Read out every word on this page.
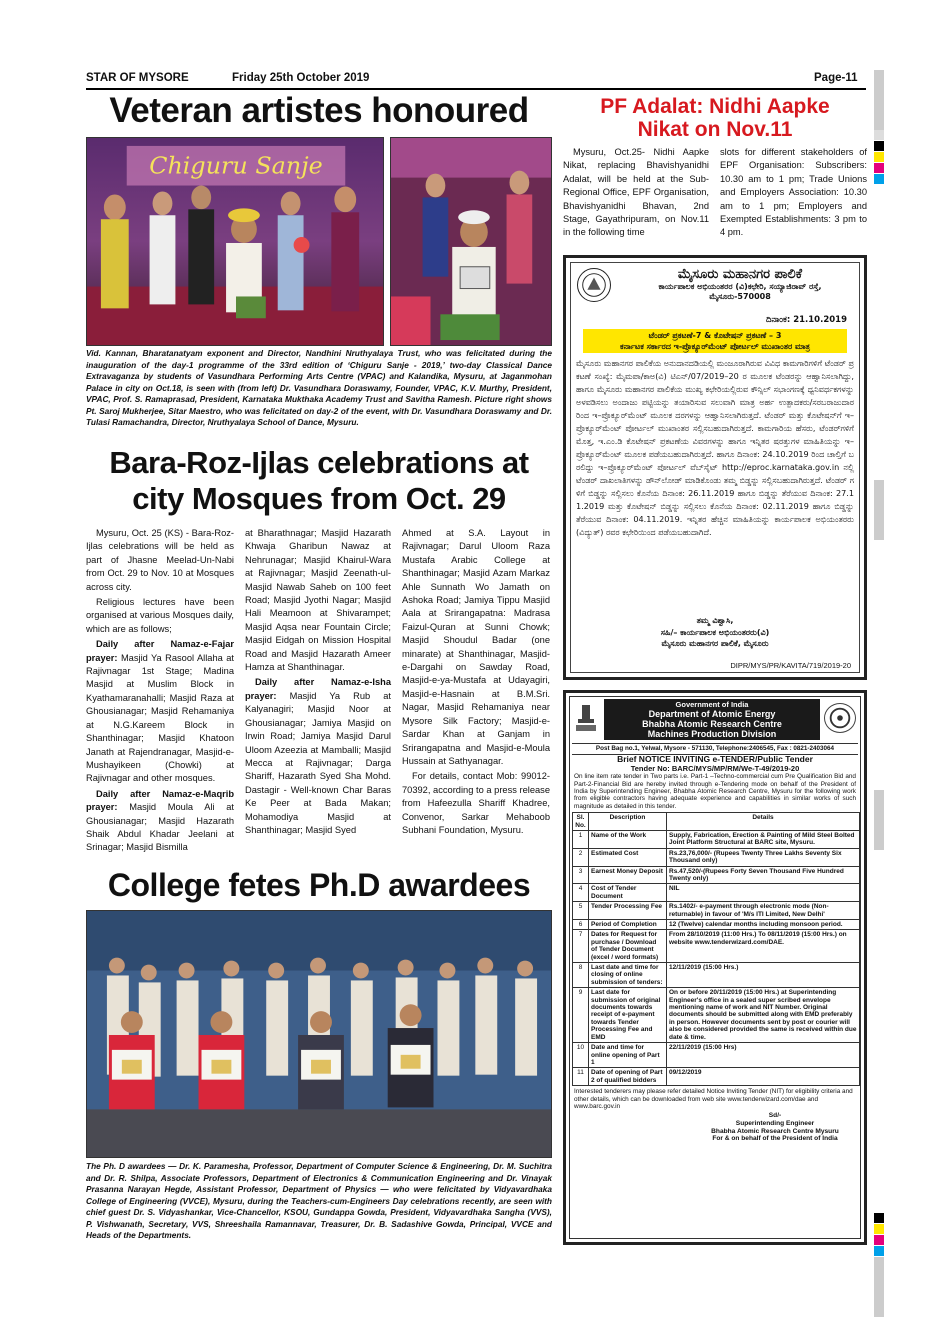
STAR OF MYSORE	Friday 25th October 2019	Page-11
Veteran artistes honoured
Chiguru Sanje
Vid. Kannan, Bharatanatyam exponent and Director, Nandhini Nruthyalaya Trust, who was felicitated during the inauguration of the day-1 programme of the 33rd edition of ‘Chiguru Sanje - 2019,’ two-day Classical Dance Extravaganza by students of Vasundhara Performing Arts Centre (VPAC) and Kalandika, Mysuru, at Jaganmohan Palace in city on Oct.18, is seen with (from left) Dr. Vasundhara Doraswamy, Founder, VPAC, K.V. Murthy, President, VPAC, Prof. S. Ramaprasad, President, Karnataka Mukthaka Academy Trust and Savitha Ramesh. Picture right shows Pt. Saroj Mukherjee, Sitar Maestro, who was felicitated on day-2 of the event, with Dr. Vasundhara Doraswamy and Dr. Tulasi Ramachandra, Director, Nruthyalaya School of Dance, Mysuru.
Bara-Roz-Ijlas celebrations at
city Mosques from Oct. 29

Mysuru, Oct. 25 (KS) - Bara-Roz-Ijlas celebrations will be held as part of Jhasne Meelad-Un-Nabi from Oct. 29 to Nov. 10 at Mosques across city.

Religious lectures have been organised at various Mosques daily, which are as follows;

Daily after Namaz-e-Fajar prayer: Masjid Ya Rasool Allaha at Rajivnagar 1st Stage; Madina Masjid at Muslim Block in Kyathamaranahalli; Masjid Raza at Ghousianagar; Masjid Rehamaniya at N.G.Kareem Block in Shanthinagar; Masjid Khatoon Janath at Rajendranagar, Masjid-e-Mushayikeen (Chowki) at Rajivnagar and other mosques.

Daily after Namaz-e-Maqrib prayer: Masjid Moula Ali at Ghousianagar; Masjid Hazarath Shaik Abdul Khadar Jeelani at Srinagar; Masjid Bismilla

at Bharathnagar; Masjid Hazarath Khwaja Gharibun Nawaz at Nehrunagar; Masjid Khairul-Wara at Rajivnagar; Masjid Zeenath-ul-Masjid Nawab Saheb on 100 feet Road; Masjid Jyothi Nagar; Masjid Hali Meamoon at Shivarampet; Masjid Aqsa near Fountain Circle; Masjid Eidgah on Mission Hospital Road and Masjid Hazarath Ameer Hamza at Shanthinagar.

Daily after Namaz-e-Isha prayer: Masjid Ya Rub at Kalyanagiri; Masjid Noor at Ghousianagar; Jamiya Masjid on Irwin Road; Jamiya Masjid Darul Uloom Azeezia at Mamballi; Masjid Mecca at Rajivnagar; Darga Shariff, Hazarath Syed Sha Mohd. Dastagir - Well-known Char Baras Ke Peer at Bada Makan; Mohamodiya Masjid at Shanthinagar; Masjid Syed

Ahmed at S.A. Layout in Rajivnagar; Darul Uloom Raza Mustafa Arabic College at Shanthinagar; Masjid Azam Markaz Ahle Sunnath Wo Jamath on Ashoka Road; Jamiya Tippu Masjid Aala at Srirangapatna: Madrasa Faizul-Quran at Sunni Chowk; Masjid Shoudul Badar (one minarate) at Shanthinagar, Masjid-e-Dargahi on Sawday Road, Masjid-e-ya-Mustafa at Udayagiri, Masjid-e-Hasnain at B.M.Sri. Nagar, Masjid Rehamaniya near Mysore Silk Factory; Masjid-e-Sardar Khan at Ganjam in Srirangapatna and Masjid-e-Moula Hussain at Sathyanagar.

For details, contact Mob: 99012-70392, according to a press release from Hafeezulla Shariff Khadree, Convenor, Sarkar Mehaboob Subhani Foundation, Mysuru.

College fetes Ph.D awardees
The Ph. D awardees — Dr. K. Paramesha, Professor, Department of Computer Science & Engineering, Dr. M. Suchitra and Dr. R. Shilpa, Associate Professors, Department of Electronics & Communication Engineering and Dr. Vinayak Prasanna Narayan Hegde, Assistant Professor, Department of Physics — who were felicitated by Vidyavardhaka College of Engineering (VVCE), Mysuru, during the Teachers-cum-Engineers Day celebrations recently, are seen with chief guest Dr. S. Vidyashankar, Vice-Chancellor, KSOU, Gundappa Gowda, President, Vidyavardhaka Sangha (VVS), P. Vishwanath, Secretary, VVS, Shreeshaila Ramannavar, Treasurer, Dr. B. Sadashive Gowda, Principal, VVCE and Heads of the Departments.
PF Adalat: Nidhi Aapke
Nikat on Nov.11

Mysuru, Oct.25- Nidhi Aapke Nikat, replacing Bhavishyanidhi Adalat, will be held at the Sub-Regional Office, EPF Organisation, Bhavishyanidhi Bhavan, 2nd Stage, Gayathripuram, on Nov.11 in the following time

slots for different stakeholders of EPF Organisation: Subscribers: 10.30 am to 1 pm; Trade Unions and Employers Association: 10.30 am to 1 pm; Employers and Exempted Establishments: 3 pm to 4 pm.

ಮೈಸೂರು ಮಹಾನಗರ ಪಾಲಿಕೆ
ಕಾರ್ಯಪಾಲಕ ಅಭಿಯಂತರರ (ವಿ)ಕಛೇರಿ, ಸಯ್ಯಾಜಿರಾವ್ ರಸ್ತೆ,
ಮೈಸೂರು-570008
ದಿನಾಂಕ: 21.10.2019
ಟೆಂಡರ್ ಪ್ರಕಟಣೆ-7 & ಕೊಟೇಷನ್ ಪ್ರಕಟಣೆ – 3
ಕರ್ನಾಟಕ ಸರ್ಕಾರದ ಇ-ಪ್ರೊಕ್ಯೂರ್‌ಮೆಂಟ್ ಪೋರ್ಟಲ್ ಮುಖಾಂತರ ಮಾತ್ರ
ಮೈಸೂರು ಮಹಾನಗರ ಪಾಲಿಕೆಯ ಅನುದಾನದಡಿಯಲ್ಲಿ ಮಂಜೂರಾಗಿರುವ ವಿವಿಧ ಕಾಮಗಾರಿಗಳಿಗೆ ಟೆಂಡರ್ ಪ್ರಕಟಣೆ ಸಂಖ್ಯೆ: ಮೈಮಪಾ/ಕಾಅ(ವಿ) ಟಿಎನ್/07/2019–20 ರ ಮೂಲಕ ಟೆಂಡರನ್ನು ಆಹ್ವಾನಿಸಲಾಗಿದ್ದು, ಹಾಗೂ ಮೈಸೂರು ಮಹಾನಗರ ಪಾಲಿಕೆಯ ಮುಖ್ಯ ಕಛೇರಿಯಲ್ಲಿರುವ ಕೌನ್ಸಿಲ್ ಸಭಾಂಗಣಕ್ಕೆ ಧ್ವನಿವರ್ಧಕಗಳನ್ನು ಅಳವಡಿಸಲು ಅಂದಾಜು ಪಟ್ಟಿಯನ್ನು ತಯಾರಿಸುವ ಸಲುವಾಗಿ ಮಾತ್ರ ಅರ್ಹ ಉತ್ಪಾದಕರು/ಸರಬರಾಜುದಾರರಿಂದ ಇ–ಪ್ರೊಕ್ಯೂರ್‌ಮೆಂಟ್ ಮೂಲಕ ದರಗಳನ್ನು ಆಹ್ವಾನಿಸಲಾಗಿರುತ್ತದೆ. ಟೆಂಡರ್ ಮತ್ತು ಕೊಟೇಷನ್‌ಗೆ ಇ–ಪ್ರೊಕ್ಯೂರ್‌ಮೆಂಟ್ ಪೋರ್ಟಲ್ ಮುಖಾಂತರ ಸಲ್ಲಿಸಬಹುದಾಗಿರುತ್ತದೆ. ಕಾಮಗಾರಿಯ ಹೆಸರು, ಟೆಂಡರ್‌ಗಳಿಗೆ ಮೊತ್ತ, ಇ.ಎಂ.ಡಿ ಕೊಟೇಷನ್ ಪ್ರಕಟಣೆಯ ವಿವರಗಳನ್ನು ಹಾಗೂ ಇನ್ನಿತರ ಷರತ್ತುಗಳ ಮಾಹಿತಿಯನ್ನು ಇ–ಪ್ರೊಕ್ಯೂರ್‌ಮೆಂಟ್ ಮೂಲಕ ಪಡೆಯಬಹುದಾಗಿರುತ್ತದೆ. ಹಾಗೂ ದಿನಾಂಕ: 24.10.2019 ರಿಂದ ಚಾಲ್ತಿಗೆ ಬರಲಿದ್ದು ಇ–ಪ್ರೊಕ್ಯೂರ್‌ಮೆಂಟ್ ಪೋರ್ಟಲ್ ವೆಬ್‌ಸೈಟ್ http://eproc.karnataka.gov.in ನಲ್ಲಿ ಟೆಂಡರ್ ದಾಖಲಾತಿಗಳನ್ನು ಡೌನ್‌ಲೋಡ್ ಮಾಡಿಕೊಂಡು ತಮ್ಮ ಬಿಡ್ಡನ್ನು ಸಲ್ಲಿಸಬಹುದಾಗಿರುತ್ತದೆ. ಟೆಂಡರ್ ಗಳಿಗೆ ಬಿಡ್ಡನ್ನು ಸಲ್ಲಿಸಲು ಕೊನೆಯ ದಿನಾಂಕ: 26.11.2019 ಹಾಗೂ ಬಿಡ್ಡನ್ನು ತೆರೆಯುವ ದಿನಾಂಕ: 27.11.2019 ಮತ್ತು ಕೊಟೇಷನ್ ಬಿಡ್ಡನ್ನು ಸಲ್ಲಿಸಲು ಕೊನೆಯ ದಿನಾಂಕ: 02.11.2019 ಹಾಗೂ ಬಿಡ್ಡನ್ನು ತೆರೆಯುವ ದಿನಾಂಕ: 04.11.2019. ಇನ್ನಿತರ ಹೆಚ್ಚಿನ ಮಾಹಿತಿಯನ್ನು ಕಾರ್ಯಪಾಲಕ ಅಭಿಯಂತರರು (ವಿದ್ಯುತ್) ರವರ ಕಛೇರಿಯಿಂದ ಪಡೆಯಬಹುದಾಗಿದೆ.
ತಮ್ಮ ವಿಶ್ವಾಸಿ,
ಸಹಿ/– ಕಾರ್ಯಪಾಲಕ ಅಭಿಯಂತರರು(ವಿ)
ಮೈಸೂರು ಮಹಾನಗರ ಪಾಲಿಕೆ, ಮೈಸೂರು
DIPR/MYS/PR/KAVITA/719/2019-20
Government of India
Department of Atomic Energy
Bhabha Atomic Research Centre
Machines Production Division
Post Bag no.1, Yelwal, Mysore - 571130, Telephone:2406545, Fax : 0821-2403064
Brief NOTICE INVITING e-TENDER/Public Tender
Tender No: BARC/MYS/MP/RM/We-T-49/2019-20
On line item rate tender in Two parts i.e. Part-1 –Techno-commercial cum Pre Qualification Bid and Part-2-Financial Bid are hereby invited through e-Tendering mode on behalf of the President of India by Superintending Engineer, Bhabha Atomic Research Centre, Mysuru for the following work from eligible contractors having adequate experience and capabilities in similar works of such magnitude as detailed in this tender.
Sl. No.	Description	Details
1	Name of the Work	Supply, Fabrication, Erection & Painting of Mild Steel Bolted Joint Platform Structural at BARC site, Mysuru.
2	Estimated Cost	Rs.23,76,000/- (Rupees Twenty Three Lakhs Seventy Six Thousand only)
3	Earnest Money Deposit	Rs.47,520/-(Rupees Forty Seven Thousand Five Hundred Twenty only)
4	Cost of Tender Document	NIL
5	Tender Processing Fee	Rs.1402/- e-payment through electronic mode (Non- returnable) in favour of 'M/s ITI Limited, New Delhi'
6	Period of Completion	12 (Twelve) calendar months including monsoon period.
7	Dates for Request for purchase / Download of Tender Document (excel / word formats)	From 28/10/2019 (11:00 Hrs.) To 08/11/2019 (15:00 Hrs.) on website www.tenderwizard.com/DAE.
8	Last date and time for closing of online submission of tenders:	12/11/2019 (15:00 Hrs.)
9	Last date for submission of original documents towards receipt of e-payment towards Tender Processing Fee and EMD	On or before 20/11/2019 (15:00 Hrs.) at Superintending Engineer's office in a sealed super scribed envelope mentioning name of work and NIT Number. Original documents should be submitted along with EMD preferably in person. However documents sent by post or courier will also be considered provided the same is received within due date & time.
10	Date and time for online opening of Part 1	22/11/2019 (15:00 Hrs)
11	Date of opening of Part 2 of qualified bidders	09/12/2019
Interested tenderers may please refer detailed Notice Inviting Tender (NIT) for eligibility criteria and other details, which can be downloaded from web site www.tenderwizard.com/dae and www.barc.gov.in
Sd/-
Superintending Engineer
Bhabha Atomic Research Centre Mysuru
For & on behalf of the President of India
